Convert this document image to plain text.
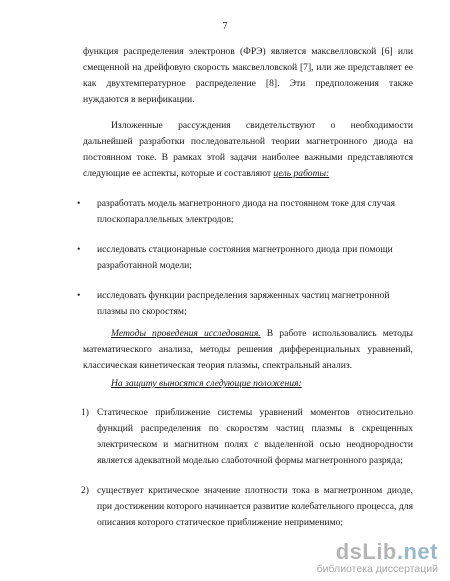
7

функция распределения электронов (ФРЭ) является максвелловской [6] или смещенной на дрейфовую скорость максвелловской [7], или же представляет ее как двухтемпературное распределение [8]. Эти предположения также нуждаются в верификации.

Изложенные рассуждения свидетельствуют о необходимости дальнейшей разработки последовательной теории магнетронного диода на постоянном токе. В рамках этой задачи наиболее важными представляются следующие ее аспекты, которые и составляют цель работы:

• разработать модель магнетронного диода на постоянном токе для случая плоскопараллельных электродов;
• исследовать стационарные состояния магнетронного диода при помощи разработанной модели;
• исследовать функции распределения заряженных частиц магнетронной плазмы по скоростям;

Методы проведения исследования. В работе использовались методы математического анализа, методы решения дифференциальных уравнений, классическая кинетическая теория плазмы, спектральный анализ.

На защиту выносятся следующие положения:

1) Статическое приближение системы уравнений моментов относительно функций распределения по скоростям частиц плазмы в скрещенных электрическом и магнитном полях с выделенной осью неоднородности является адекватной моделью слаботочной формы магнетронного разряда;

2) существует критическое значение плотности тока в магнетронном диоде, при достижении которого начинается развитие колебательного процесса, для описания которого статическое приближение неприменимо;

dsLib.net
библиотека диссертаций
